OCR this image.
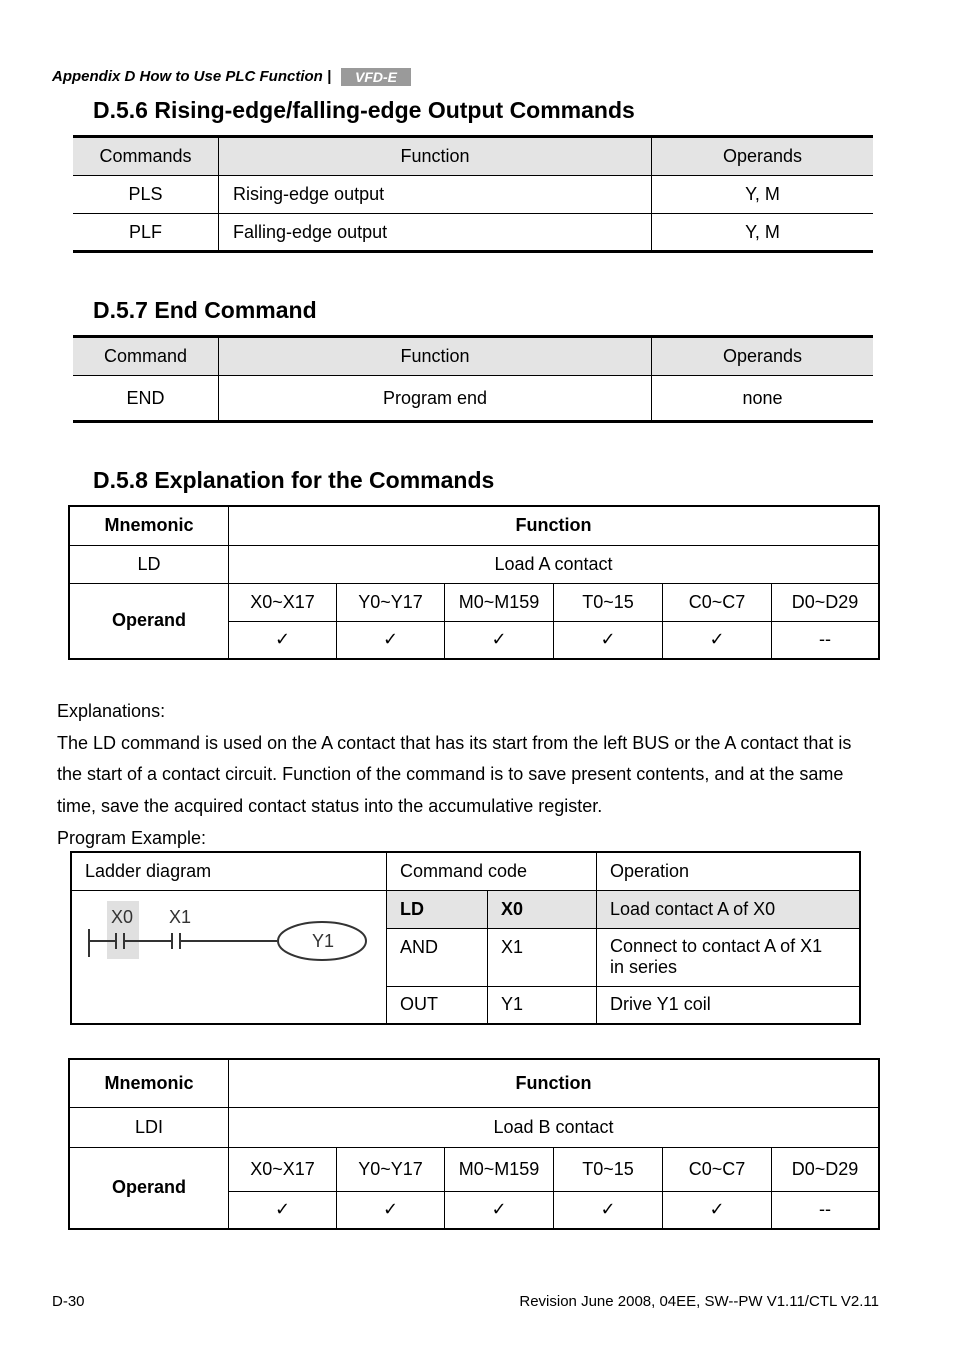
Appendix D How to Use PLC Function | VFD-E
D.5.6 Rising-edge/falling-edge Output Commands
Commands	Function	Operands
PLS	Rising-edge output	Y, M
PLF	Falling-edge output	Y, M
D.5.7 End Command
Command	Function	Operands
END	Program end	none
D.5.8 Explanation for the Commands
Mnemonic	Function					
LD	Load A contact					
Operand	X0~X17	Y0~Y17	M0~M159	T0~15	C0~C7	D0~D29
	✓	✓	✓	✓	✓	--
Explanations:
The LD command is used on the A contact that has its start from the left BUS or the A contact that is
the start of a contact circuit. Function of the command is to save present contents, and at the same
time, save the acquired contact status into the accumulative register.
Program Example:
Ladder diagram	Command code		Operation

X0 X1
Y1	LD	X0	Load contact A of X0
	AND	X1	Connect to contact A of X1
in series

	OUT	Y1	Drive Y1 coil
Mnemonic	Function					
LDI	Load B contact					
Operand	X0~X17	Y0~Y17	M0~M159	T0~15	C0~C7	D0~D29
	✓	✓	✓	✓	✓	--
D-30	Revision June 2008, 04EE, SW--PW V1.11/CTL V2.11
